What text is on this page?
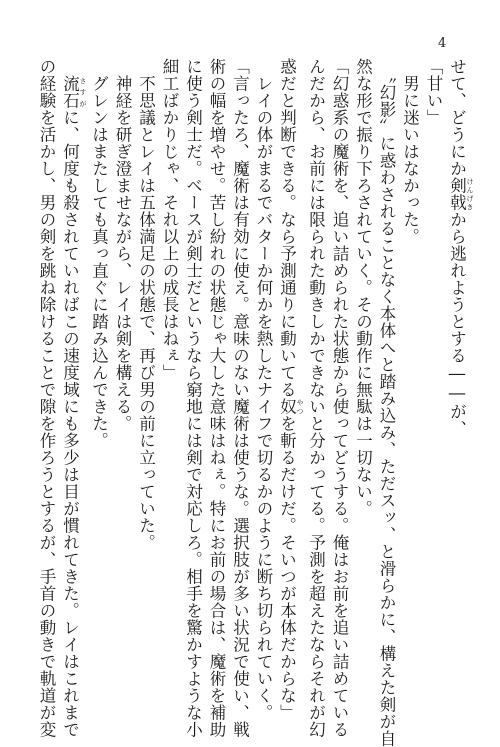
4
せて、どうにか剣戟 けんげきから逃れようとする――が、
「甘い」
　男に迷いはなかった。
　〝幻影〟に惑わされることなく本体へと踏み込み、ただスッ、と滑らかに、構えた剣が自
然な形で振り下ろされていく。その動作に無駄は一切ない。
「幻惑系の魔術を、追い詰められた状態から使ってどうする。俺はお前を追い詰めている
んだから、お前には限られた動きしかできないと分かってる。予測を超えたならそれが幻
惑だと判断できる。なら予測通りに動いてる奴 やつを斬るだけだ。そいつが本体だからな」
　レイの体がまるでバターか何かを熱したナイフで切るかのように断ち切られていく。
「言ったろ、魔術は有効に使え。意味のない魔術は使うな。選択肢が多い状況で使い、戦
術の幅を増やせ。苦し紛れの状態じゃ大した意味はねぇ。特にお前の場合は、魔術を補助
に使う剣士だ。ベースが剣士だというなら窮地には剣で対応しろ。相手を驚かすような小
細工ばかりじゃ、それ以上の成長はねぇ」
　不思議とレイは五体満足の状態で、再び男の前に立っていた。
　神経を研ぎ澄ませながら、レイは剣を構える。
　グレンはまたしても真っ直ぐに踏み込んできた。
　流石 さすがに、何度も殺されていればこの速度域にも多少は目が慣れてきた。レイはこれまで
の経験を活かし、男の剣を跳ね除けることで隙を作ろうとするが、手首の動きで軌道が変
